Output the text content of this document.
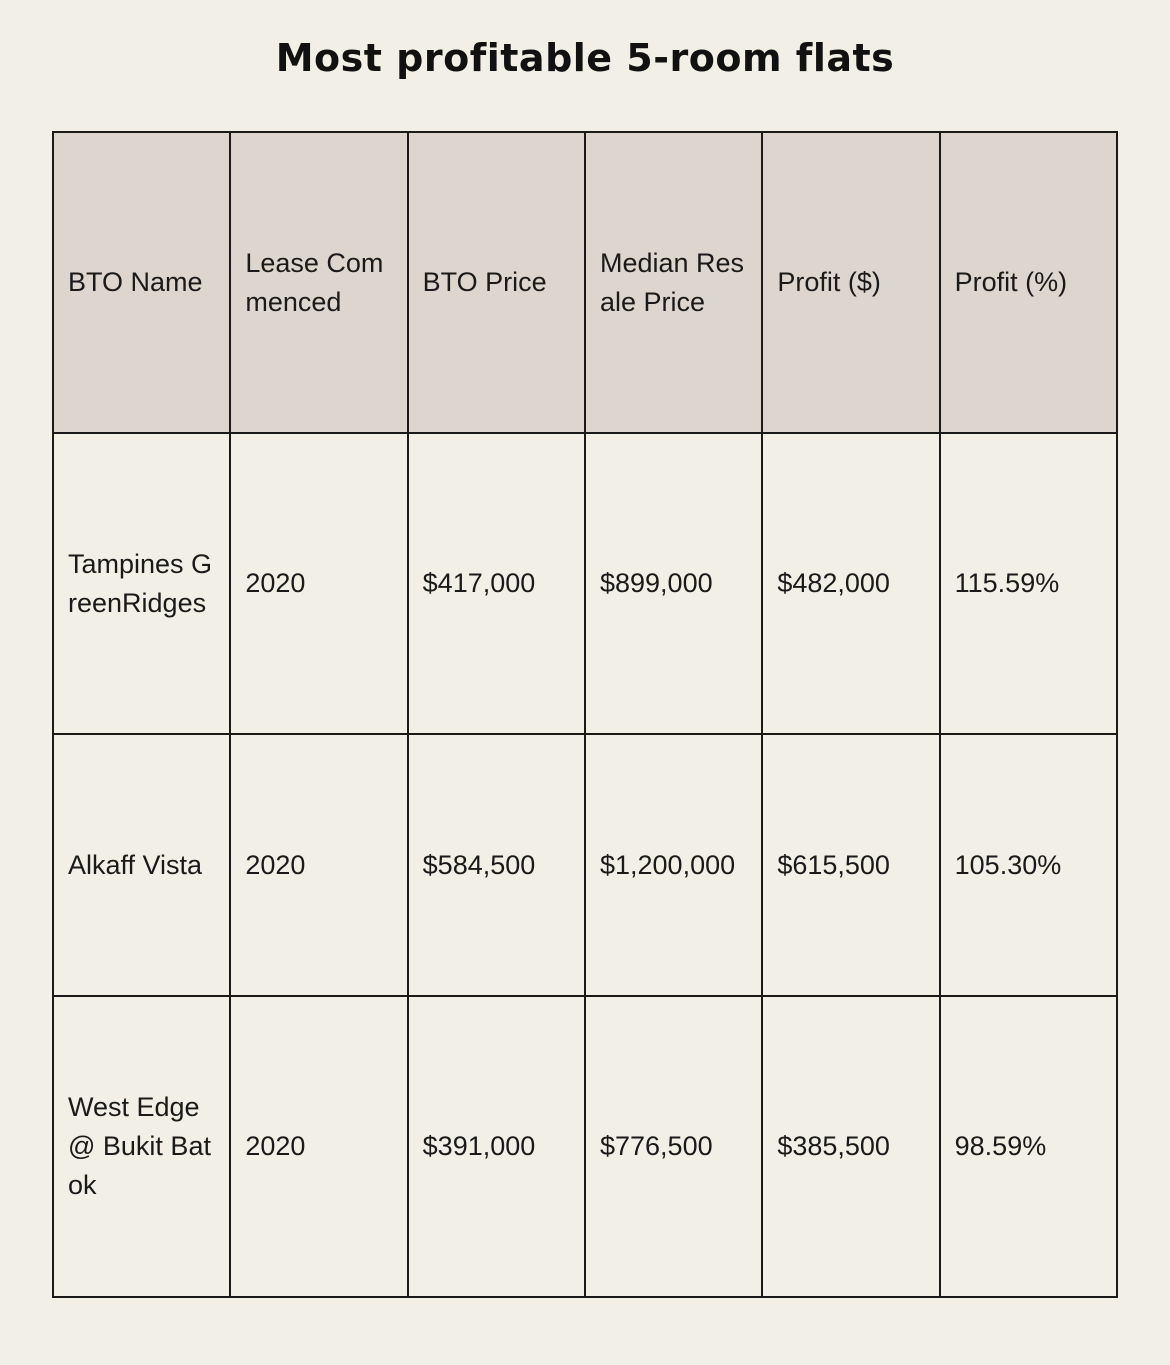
Most profitable 5-room flats
BTO Name	Lease Commenced	BTO Price	Median Resale Price	Profit ($)	Profit (%)
Tampines GreenRidges	2020	$417,000	$899,000	$482,000	115.59%
Alkaff Vista	2020	$584,500	$1,200,000	$615,500	105.30%
West Edge @ Bukit Batok	2020	$391,000	$776,500	$385,500	98.59%
